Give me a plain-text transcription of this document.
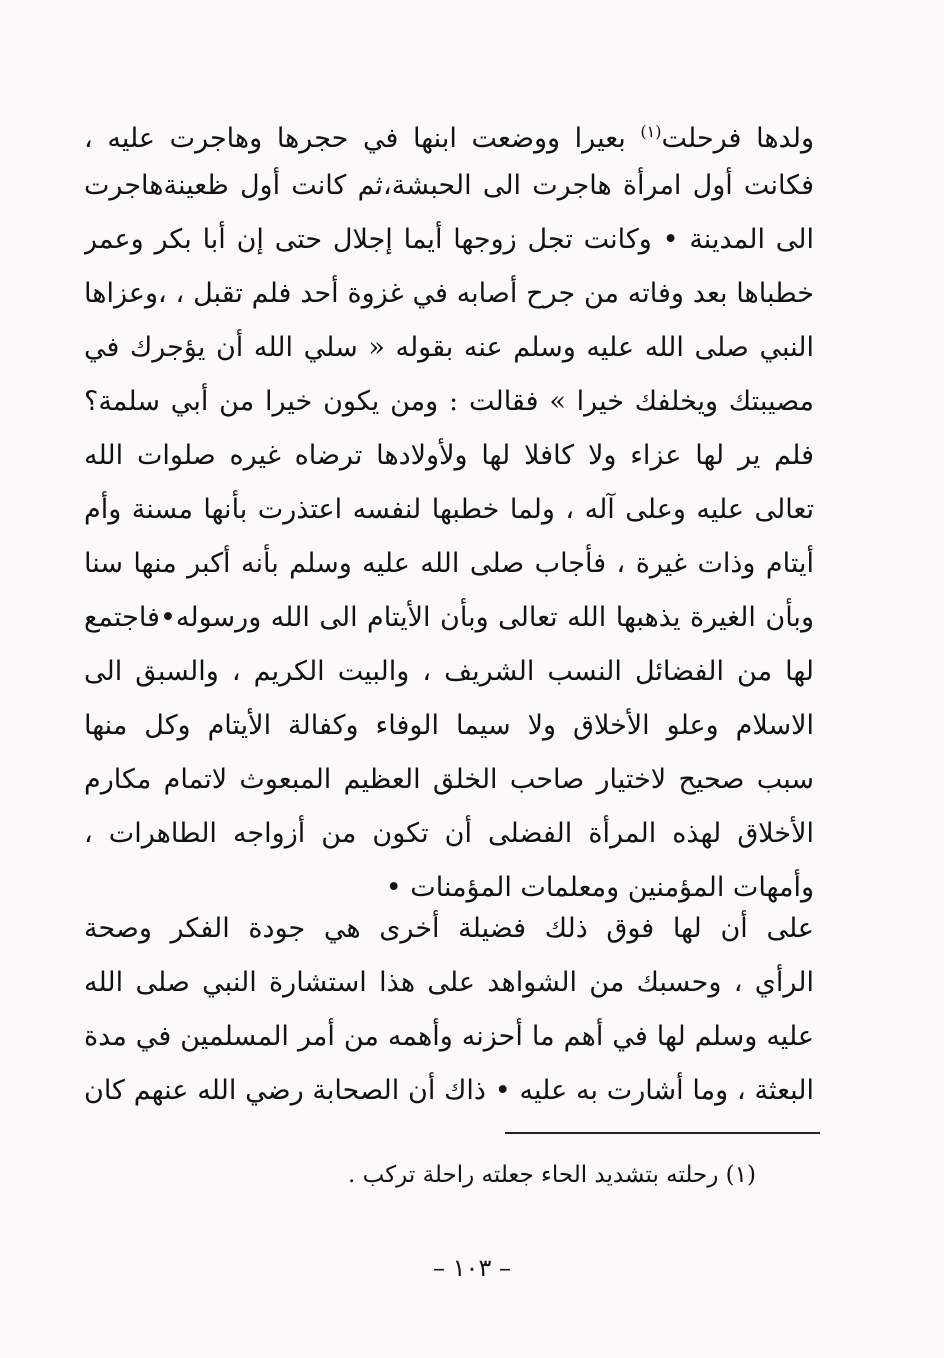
ولدها فرحلت$^{(١)}$ بعيرا ووضعت ابنها في حجرها وهاجرت عليه ،
فكانت أول امرأة هاجرت الى الحبشة،ثم كانت أول ظعينةهاجرت
الى المدينة • وكانت تجل زوجها أيما إجلال حتى إن أبا بكر وعمر
خطباها بعد وفاته من جرح أصابه في غزوة أحد فلم تقبل ، ،وعزاها
النبي صلى الله عليه وسلم عنه بقوله « سلي الله أن يؤجرك في
مصيبتك ويخلفك خيرا » فقالت : ومن يكون خيرا من أبي سلمة؟
فلم ير لها عزاء ولا كافلا لها ولأولادها ترضاه غيره صلوات الله
تعالى عليه وعلى آله ، ولما خطبها لنفسه اعتذرت بأنها مسنة وأم
أيتام وذات غيرة ، فأجاب صلى الله عليه وسلم بأنه أكبر منها سنا
وبأن الغيرة يذهبها الله تعالى وبأن الأيتام الى الله ورسوله•فاجتمع
لها من الفضائل النسب الشريف ، والبيت الكريم ، والسبق الى
الاسلام وعلو الأخلاق ولا سيما الوفاء وكفالة الأيتام وكل منها
سبب صحيح لاختيار صاحب الخلق العظيم المبعوث لاتمام مكارم
الأخلاق لهذه المرأة الفضلى أن تكون من أزواجه الطاهرات ،
وأمهات المؤمنين ومعلمات المؤمنات •
على أن لها فوق ذلك فضيلة أخرى هي جودة الفكر وصحة
الرأي ، وحسبك من الشواهد على هذا استشارة النبي صلى الله
عليه وسلم لها في أهم ما أحزنه وأهمه من أمر المسلمين في مدة
البعثة ، وما أشارت به عليه • ذاك أن الصحابة رضي الله عنهم كان
(١) رحلته بتشديد الحاء جعلته راحلة تركب .
– ١٠٣ –
